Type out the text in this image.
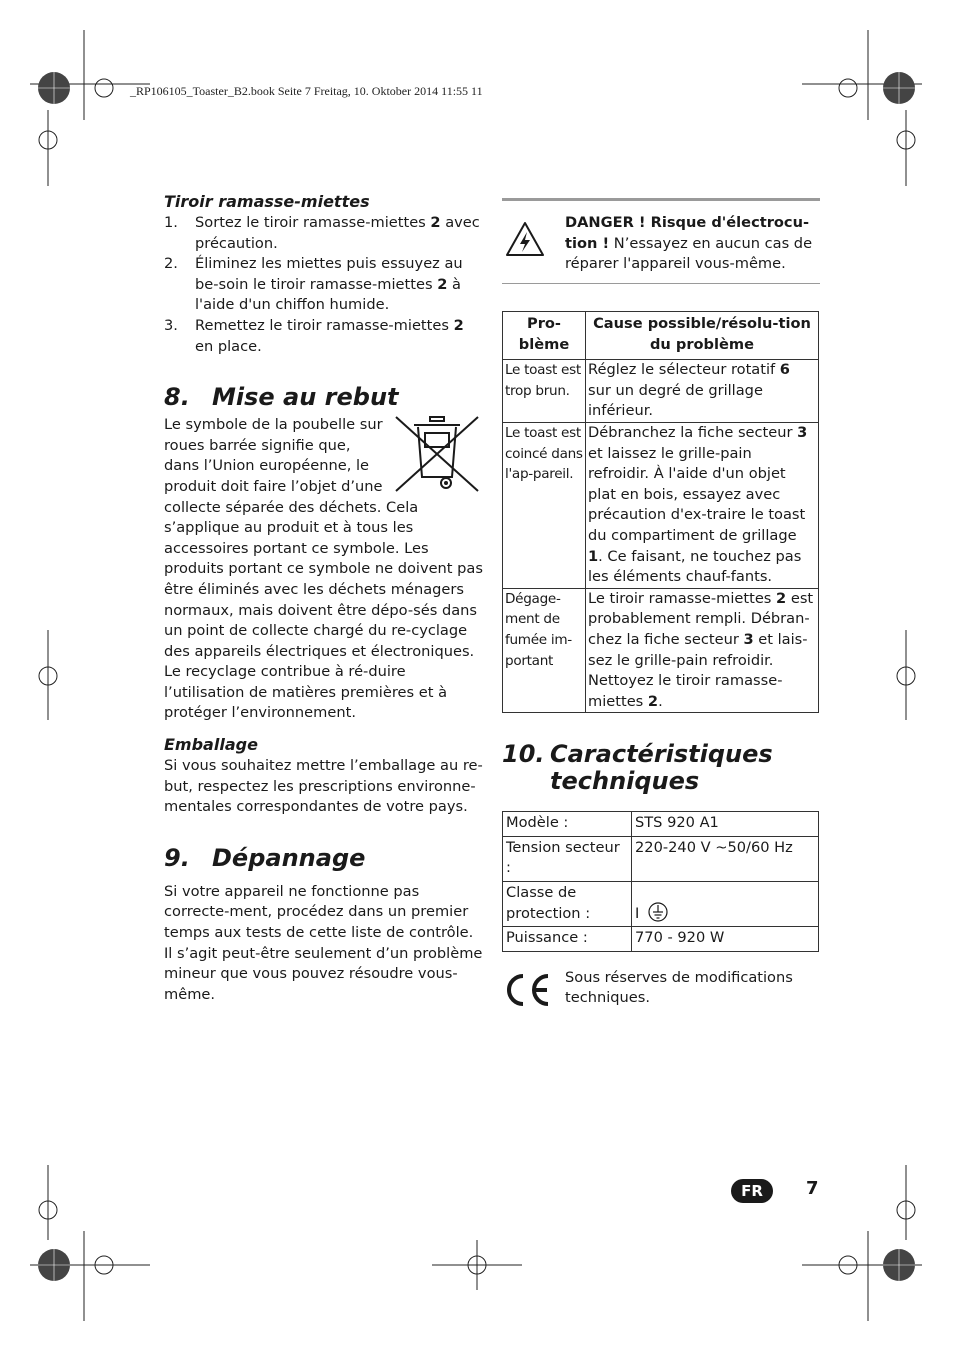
_RP106105_Toaster_B2.book Seite 7 Freitag, 10. Oktober 2014 11:55 11
Tiroir ramasse-miettes
1. Sortez le tiroir ramasse-miettes 2 avec précaution.
2. Éliminez les miettes puis essuyez au be-soin le tiroir ramasse-miettes 2 à l'aide d'un chiffon humide.
3. Remettez le tiroir ramasse-miettes 2 en place.
8. Mise au rebut

Le symbole de la poubelle sur roues barrée signifie que, dans l’Union européenne, le produit doit faire l’objet d’une collecte séparée des déchets. Cela s’applique au produit et à tous les accessoires portant ce symbole. Les produits portant ce symbole ne doivent pas être éliminés avec les déchets ménagers normaux, mais doivent être dépo-sés dans un point de collecte chargé du re-cyclage des appareils électriques et électroniques. Le recyclage contribue à ré-duire l’utilisation de matières premières et à protéger l’environnement.

Emballage

Si vous souhaitez mettre l’emballage au re-but, respectez les prescriptions environne-mentales correspondantes de votre pays.

9. Dépannage

Si votre appareil ne fonctionne pas correcte-ment, procédez dans un premier temps aux tests de cette liste de contrôle. Il s’agit peut-être seulement d’un problème mineur que vous pouvez résoudre vous-même.

DANGER ! Risque d'électrocu-tion ! N’essayez en aucun cas de réparer l'appareil vous-même.
Pro-blème	Cause possible/résolu-tion du problème
Le toast est trop brun.	Réglez le sélecteur rotatif 6 sur un degré de grillage inférieur.
Le toast est coincé dans l'ap-pareil.	Débranchez la fiche secteur 3 et laissez le grille-pain refroidir. À l'aide d'un objet plat en bois, essayez avec précaution d'ex-traire le toast du compartiment de grillage 1. Ce faisant, ne touchez pas les éléments chauf-fants.
Dégage-ment de fumée im-portant	Le tiroir ramasse-miettes 2 est probablement rempli. Débran-chez la fiche secteur 3 et lais-sez le grille-pain refroidir. Nettoyez le tiroir ramasse-miettes 2.
10. Caractéristiques
techniques
Modèle :	STS 920 A1
Tension secteur :	220-240 V ~50/60 Hz
Classe de protection :	I
Puissance :	770 - 920 W
Sous réserves de modifications techniques.
FR	7
